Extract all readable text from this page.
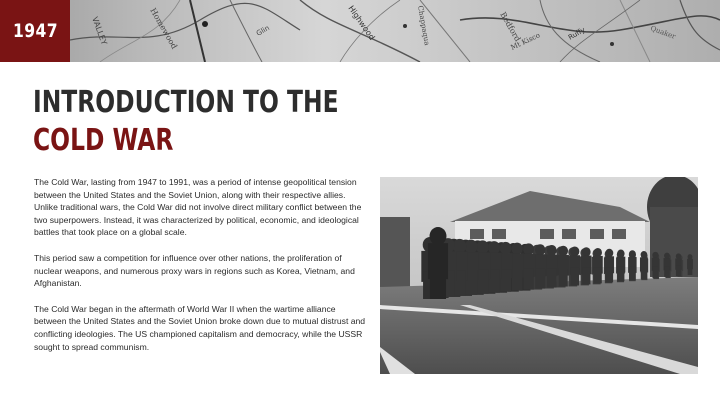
VALLEY	Homewood	Highwood	Chappaqua	Bedford	Ruffy
Mt Kisco
Glin	Quaker
1947
INTRODUCTION TO THE
COLD WAR

The Cold War, lasting from 1947 to 1991, was a period of intense geopolitical tension between the United States and the Soviet Union, along with their respective allies. Unlike traditional wars, the Cold War did not involve direct military conflict between the two superpowers. Instead, it was characterized by political, economic, and ideological battles that took place on a global scale.

This period saw a competition for influence over other nations, the proliferation of nuclear weapons, and numerous proxy wars in regions such as Korea, Vietnam, and Afghanistan.

The Cold War began in the aftermath of World War II when the wartime alliance between the United States and the Soviet Union broke down due to mutual distrust and conflicting ideologies. The US championed capitalism and democracy, while the USSR sought to spread communism.
